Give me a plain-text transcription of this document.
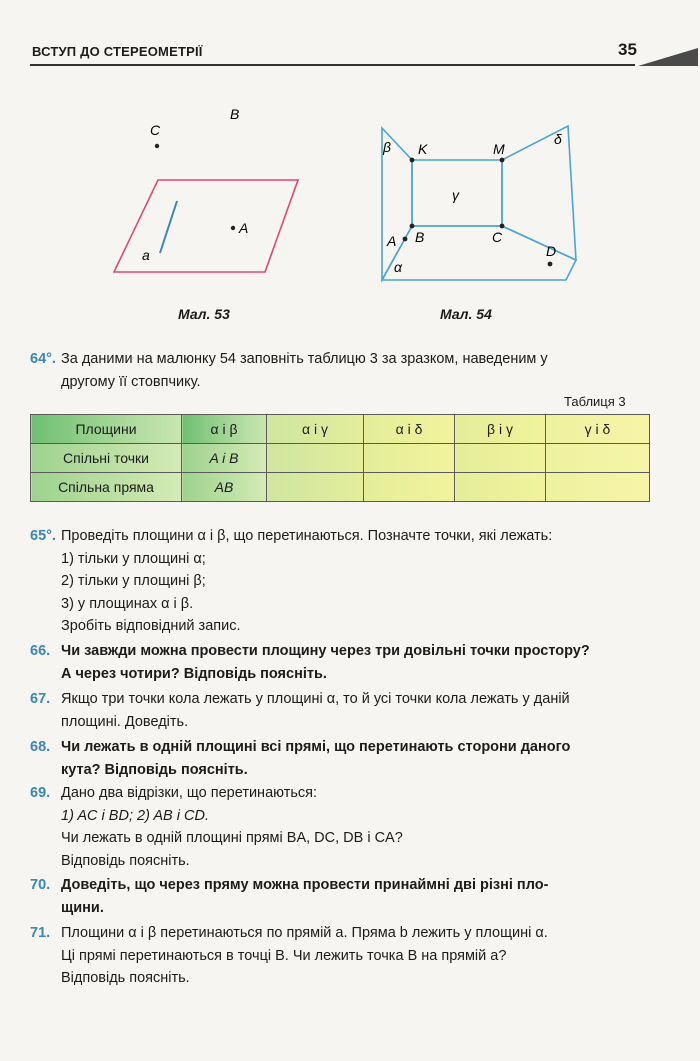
ВСТУП ДО СТЕРЕОМЕТРІЇ	35
B
C
A
a
Мал. 53
β K	M
δ
γ
A B	C
D
α
Мал. 54
64°. За даними на малюнку 54 заповніть таблицю 3 за зразком, наведеним у
другому її стовпчику.
Таблиця 3
Площини	α і β	α і γ	α і δ	β і γ	γ і δ
Спільні точки	A і B				
Спільна пряма	AB				
65°. Проведіть площини α і β, що перетинаються. Позначте точки, які лежать:
1) тільки у площині α;
2) тільки у площині β;
3) у площинах α і β.
Зробіть відповідний запис.
66. Чи завжди можна провести площину через три довільні точки простору?
А через чотири? Відповідь поясніть.
67. Якщо три точки кола лежать у площині α, то й усі точки кола лежать у даній
площині. Доведіть.
68. Чи лежать в одній площині всі прямі, що перетинають сторони даного
кута? Відповідь поясніть.
69. Дано два відрізки, що перетинаються:
1) AC і BD; 2) AB і CD.
Чи лежать в одній площині прямі BA, DC, DB і CA?
Відповідь поясніть.
70. Доведіть, що через пряму можна провести принаймні дві різні пло-
щини.
71. Площини α і β перетинаються по прямій a. Пряма b лежить у площині α.
Ці прямі перетинаються в точці B. Чи лежить точка B на прямій a?
Відповідь поясніть.
